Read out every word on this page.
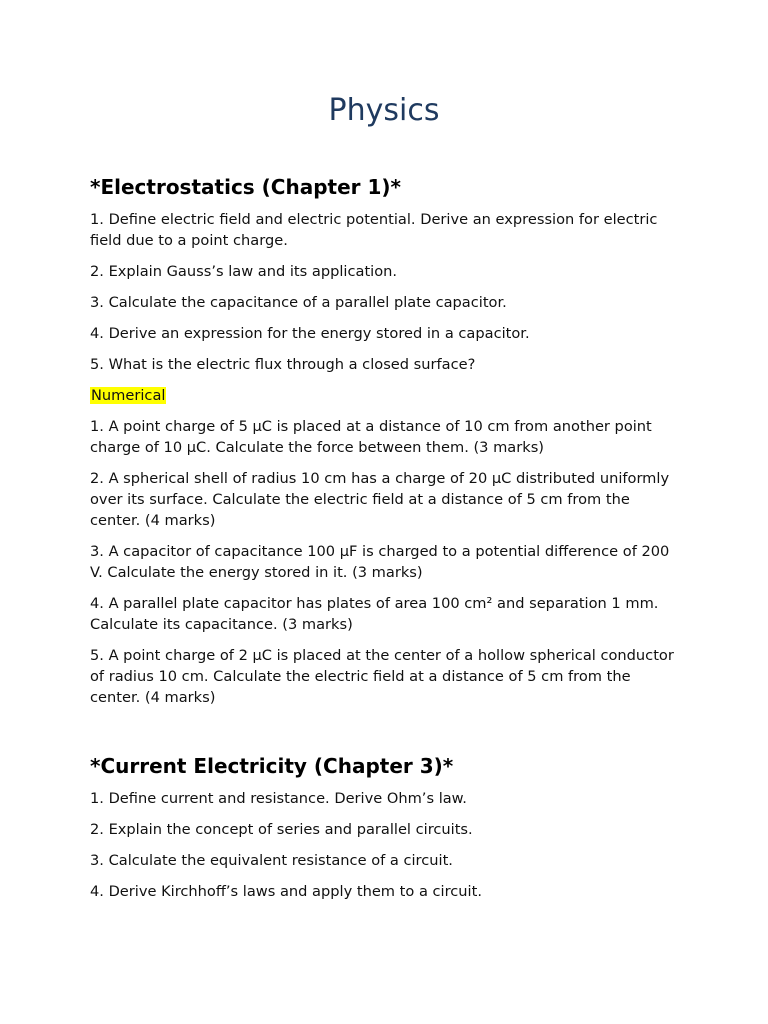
Physics
*Electrostatics (Chapter 1)*

1. Define electric field and electric potential. Derive an expression for electric field due to a point charge.

2. Explain Gauss’s law and its application.

3. Calculate the capacitance of a parallel plate capacitor.

4. Derive an expression for the energy stored in a capacitor.

5. What is the electric flux through a closed surface?

Numerical

1. A point charge of 5 μC is placed at a distance of 10 cm from another point charge of 10 μC. Calculate the force between them. (3 marks)

2. A spherical shell of radius 10 cm has a charge of 20 μC distributed uniformly over its surface. Calculate the electric field at a distance of 5 cm from the center. (4 marks)

3. A capacitor of capacitance 100 μF is charged to a potential difference of 200 V. Calculate the energy stored in it. (3 marks)

4. A parallel plate capacitor has plates of area 100 cm² and separation 1 mm. Calculate its capacitance. (3 marks)

5. A point charge of 2 μC is placed at the center of a hollow spherical conductor of radius 10 cm. Calculate the electric field at a distance of 5 cm from the center. (4 marks)

*Current Electricity (Chapter 3)*

1. Define current and resistance. Derive Ohm’s law.

2. Explain the concept of series and parallel circuits.

3. Calculate the equivalent resistance of a circuit.

4. Derive Kirchhoff’s laws and apply them to a circuit.
